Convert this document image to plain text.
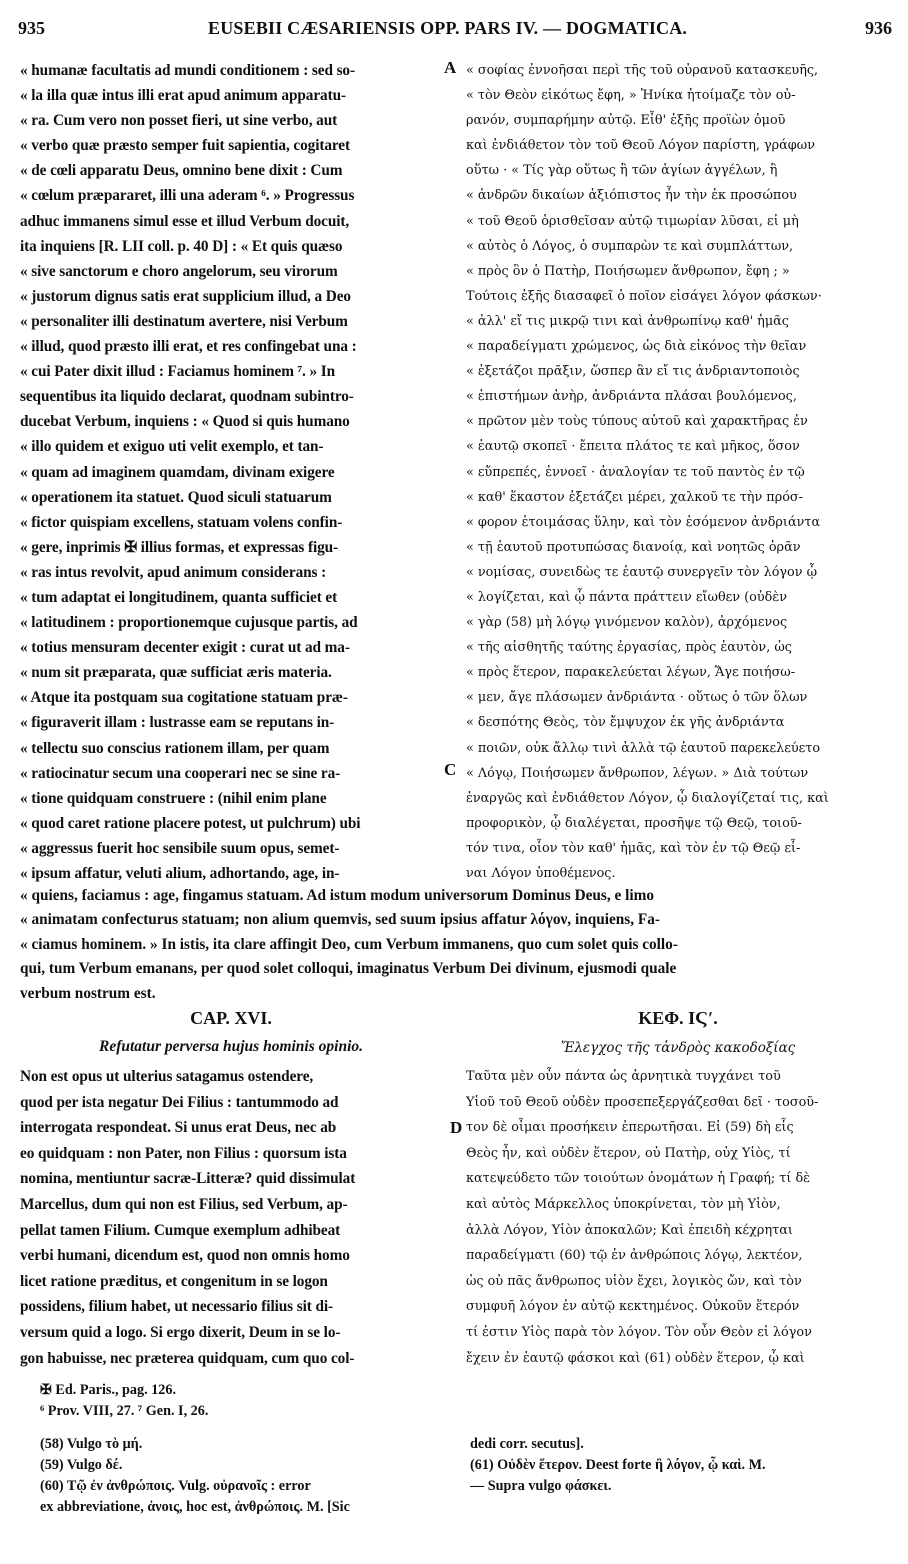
935	EUSEBII CÆSARIENSIS OPP. PARS IV. — DOGMATICA.	936
A
C
D
« humanæ facultatis ad mundi conditionem : sed so-
« la illa quæ intus illi erat apud animum apparatu-
« ra. Cum vero non posset fieri, ut sine verbo, aut
« verbo quæ præsto semper fuit sapientia, cogitaret
« de cœli apparatu Deus, omnino bene dixit : Cum
« cœlum præpararet, illi una aderam ⁶. » Progressus
adhuc immanens simul esse et illud Verbum docuit,
ita inquiens [R. LII coll. p. 40 D] : « Et quis quæso
« sive sanctorum e choro angelorum, seu virorum
« justorum dignus satis erat supplicium illud, a Deo
« personaliter illi destinatum avertere, nisi Verbum
« illud, quod præsto illi erat, et res confingebat una :
« cui Pater dixit illud : Faciamus hominem ⁷. » In
sequentibus ita liquido declarat, quodnam subintro-
ducebat Verbum, inquiens : « Quod si quis humano
« illo quidem et exiguo uti velit exemplo, et tan-
« quam ad imaginem quamdam, divinam exigere
« operationem ita statuet. Quod siculi statuarum
« fictor quispiam excellens, statuam volens confin-
« gere, inprimis ✠ illius formas, et expressas figu-
« ras intus revolvit, apud animum considerans :
« tum adaptat ei longitudinem, quanta sufficiet et
« latitudinem : proportionemque cujusque partis, ad
« totius mensuram decenter exigit : curat ut ad ma-
« num sit præparata, quæ sufficiat æris materia.
« Atque ita postquam sua cogitatione statuam præ-
« figuraverit illam : lustrasse eam se reputans in-
« tellectu suo conscius rationem illam, per quam
« ratiocinatur secum una cooperari nec se sine ra-
« tione quidquam construere : (nihil enim plane
« quod caret ratione placere potest, ut pulchrum) ubi
« aggressus fuerit hoc sensibile suum opus, semet-
« ipsum affatur, veluti alium, adhortando, age, in-
« σοφίας ἐννοῆσαι περὶ τῆς τοῦ οὐρανοῦ κατασκευῆς,
« τὸν Θεὸν εἰκότως ἔφη, » Ἡνίκα ἡτοίμαζε τὸν οὐ-
ρανόν, συμπαρήμην αὐτῷ. Εἶθ' ἑξῆς προϊὼν ὁμοῦ
καὶ ἐνδιάθετον τὸν τοῦ Θεοῦ Λόγον παρίστη, γράφων
οὕτω · « Τίς γὰρ οὕτως ἢ τῶν ἁγίων ἀγγέλων, ἢ
« ἀνδρῶν δικαίων ἀξιόπιστος ἦν τὴν ἐκ προσώπου
« τοῦ Θεοῦ ὁρισθεῖσαν αὐτῷ τιμωρίαν λῦσαι, εἰ μὴ
« αὐτὸς ὁ Λόγος, ὁ συμπαρὼν τε καὶ συμπλάττων,
« πρὸς ὃν ὁ Πατὴρ, Ποιήσωμεν ἄνθρωπον, ἔφη ; »
Τούτοις ἑξῆς διασαφεῖ ὁ ποῖον εἰσάγει λόγον φάσκων·
« ἀλλ' εἴ τις μικρῷ τινι καὶ ἀνθρωπίνῳ καθ' ἡμᾶς
« παραδείγματι χρώμενος, ὡς διὰ εἰκόνος τὴν θεῖαν
« ἐξετάζοι πρᾶξιν, ὥσπερ ἂν εἴ τις ἀνδριαντοποιὸς
« ἐπιστήμων ἀνὴρ, ἀνδριάντα πλάσαι βουλόμενος,
« πρῶτον μὲν τοὺς τύπους αὐτοῦ καὶ χαρακτῆρας ἐν
« ἑαυτῷ σκοπεῖ · ἔπειτα πλάτος τε καὶ μῆκος, ὅσον
« εὔπρεπές, ἐννοεῖ · ἀναλογίαν τε τοῦ παντὸς ἐν τῷ
« καθ' ἕκαστον ἐξετάζει μέρει, χαλκοῦ τε τὴν πρόσ-
« φορον ἑτοιμάσας ὕλην, καὶ τὸν ἐσόμενον ἀνδριάντα
« τῇ ἑαυτοῦ προτυπώσας διανοίᾳ, καὶ νοητῶς ὁρᾶν
« νομίσας, συνειδὼς τε ἑαυτῷ συνεργεῖν τὸν λόγον ᾧ
« λογίζεται, καὶ ᾧ πάντα πράττειν εἴωθεν (οὐδὲν
« γὰρ (58) μὴ λόγῳ γινόμενον καλὸν), ἀρχόμενος
« τῆς αἰσθητῆς ταύτης ἐργασίας, πρὸς ἑαυτὸν, ὡς
« πρὸς ἕτερον, παρακελεύεται λέγων, Ἄγε ποιήσω-
« μεν, ἄγε πλάσωμεν ἀνδριάντα · οὕτως ὁ τῶν ὅλων
« δεσπότης Θεὸς, τὸν ἔμψυχον ἐκ γῆς ἀνδριάντα
« ποιῶν, οὐκ ἄλλῳ τινὶ ἀλλὰ τῷ ἑαυτοῦ παρεκελεύετο
« Λόγῳ, Ποιήσωμεν ἄνθρωπον, λέγων. » Διὰ τούτων
ἐναργῶς καὶ ἐνδιάθετον Λόγον, ᾧ διαλογίζεταί τις, καὶ
προφορικὸν, ᾧ διαλέγεται, προσῆψε τῷ Θεῷ, τοιοῦ-
τόν τινα, οἷον τὸν καθ' ἡμᾶς, καὶ τὸν ἐν τῷ Θεῷ εἶ-
ναι Λόγον ὑποθέμενος.
« quiens, faciamus : age, fingamus statuam. Ad istum modum universorum Dominus Deus, e limo
« animatam confecturus statuam; non alium quemvis, sed suum ipsius affatur λόγον, inquiens, Fa-
« ciamus hominem. » In istis, ita clare affingit Deo, cum Verbum immanens, quo cum solet quis collo-
qui, tum Verbum emanans, per quod solet colloqui, imaginatus Verbum Dei divinum, ejusmodi quale
verbum nostrum est.
CAP. XVI.
Refutatur perversa hujus hominis opinio.
ΚΕΦ. ΙϚʹ.
Ἔλεγχος τῆς τἀνδρὸς κακοδοξίας
Non est opus ut ulterius satagamus ostendere,
quod per ista negatur Dei Filius : tantummodo ad
interrogata respondeat. Si unus erat Deus, nec ab
eo quidquam : non Pater, non Filius : quorsum ista
nomina, mentiuntur sacræ-Litteræ? quid dissimulat
Marcellus, dum qui non est Filius, sed Verbum, ap-
pellat tamen Filium. Cumque exemplum adhibeat
verbi humani, dicendum est, quod non omnis homo
licet ratione præditus, et congenitum in se logon
possidens, filium habet, ut necessario filius sit di-
versum quid a logo. Si ergo dixerit, Deum in se lo-
gon habuisse, nec præterea quidquam, cum quo col-
Ταῦτα μὲν οὖν πάντα ὡς ἀρνητικὰ τυγχάνει τοῦ
Υἱοῦ τοῦ Θεοῦ οὐδὲν προσεπεξεργάζεσθαι δεῖ · τοσοῦ-
τον δὲ οἶμαι προσήκειν ἐπερωτῆσαι. Εἰ (59) δὴ εἷς
Θεὸς ἦν, καὶ οὐδὲν ἕτερον, οὐ Πατὴρ, οὐχ Υἱὸς, τί
κατεψεύδετο τῶν τοιούτων ὀνομάτων ἡ Γραφή; τί δὲ
καὶ αὐτὸς Μάρκελλος ὑποκρίνεται, τὸν μὴ Υἱὸν,
ἀλλὰ Λόγον, Υἱὸν ἀποκαλῶν; Καὶ ἐπειδὴ κέχρηται
παραδείγματι (60) τῷ ἐν ἀνθρώποις λόγῳ, λεκτέον,
ὡς οὐ πᾶς ἄνθρωπος υἱὸν ἔχει, λογικὸς ὤν, καὶ τὸν
συμφυῆ λόγον ἐν αὐτῷ κεκτημένος. Οὐκοῦν ἕτερόν
τί ἐστιν Υἱὸς παρὰ τὸν λόγον. Τὸν οὖν Θεὸν εἰ λόγον
ἔχειν ἐν ἑαυτῷ φάσκοι καὶ (61) οὐδὲν ἕτερον, ᾧ καὶ
✠ Ed. Paris., pag. 126.
⁶ Prov. VIII, 27. ⁷ Gen. I, 26.
(58) Vulgo τὸ μή.
(59) Vulgo δέ.
(60) Τῷ ἐν ἀνθρώποις. Vulg. οὐρανοῖς : error
ex abbreviatione, ἀνοις, hoc est, ἀνθρώποις. M. [Sic
dedi corr. secutus].
(61) Οὐδὲν ἕτερον. Deest forte ἢ λόγον, ᾧ καὶ. M.
— Supra vulgo φάσκει.
